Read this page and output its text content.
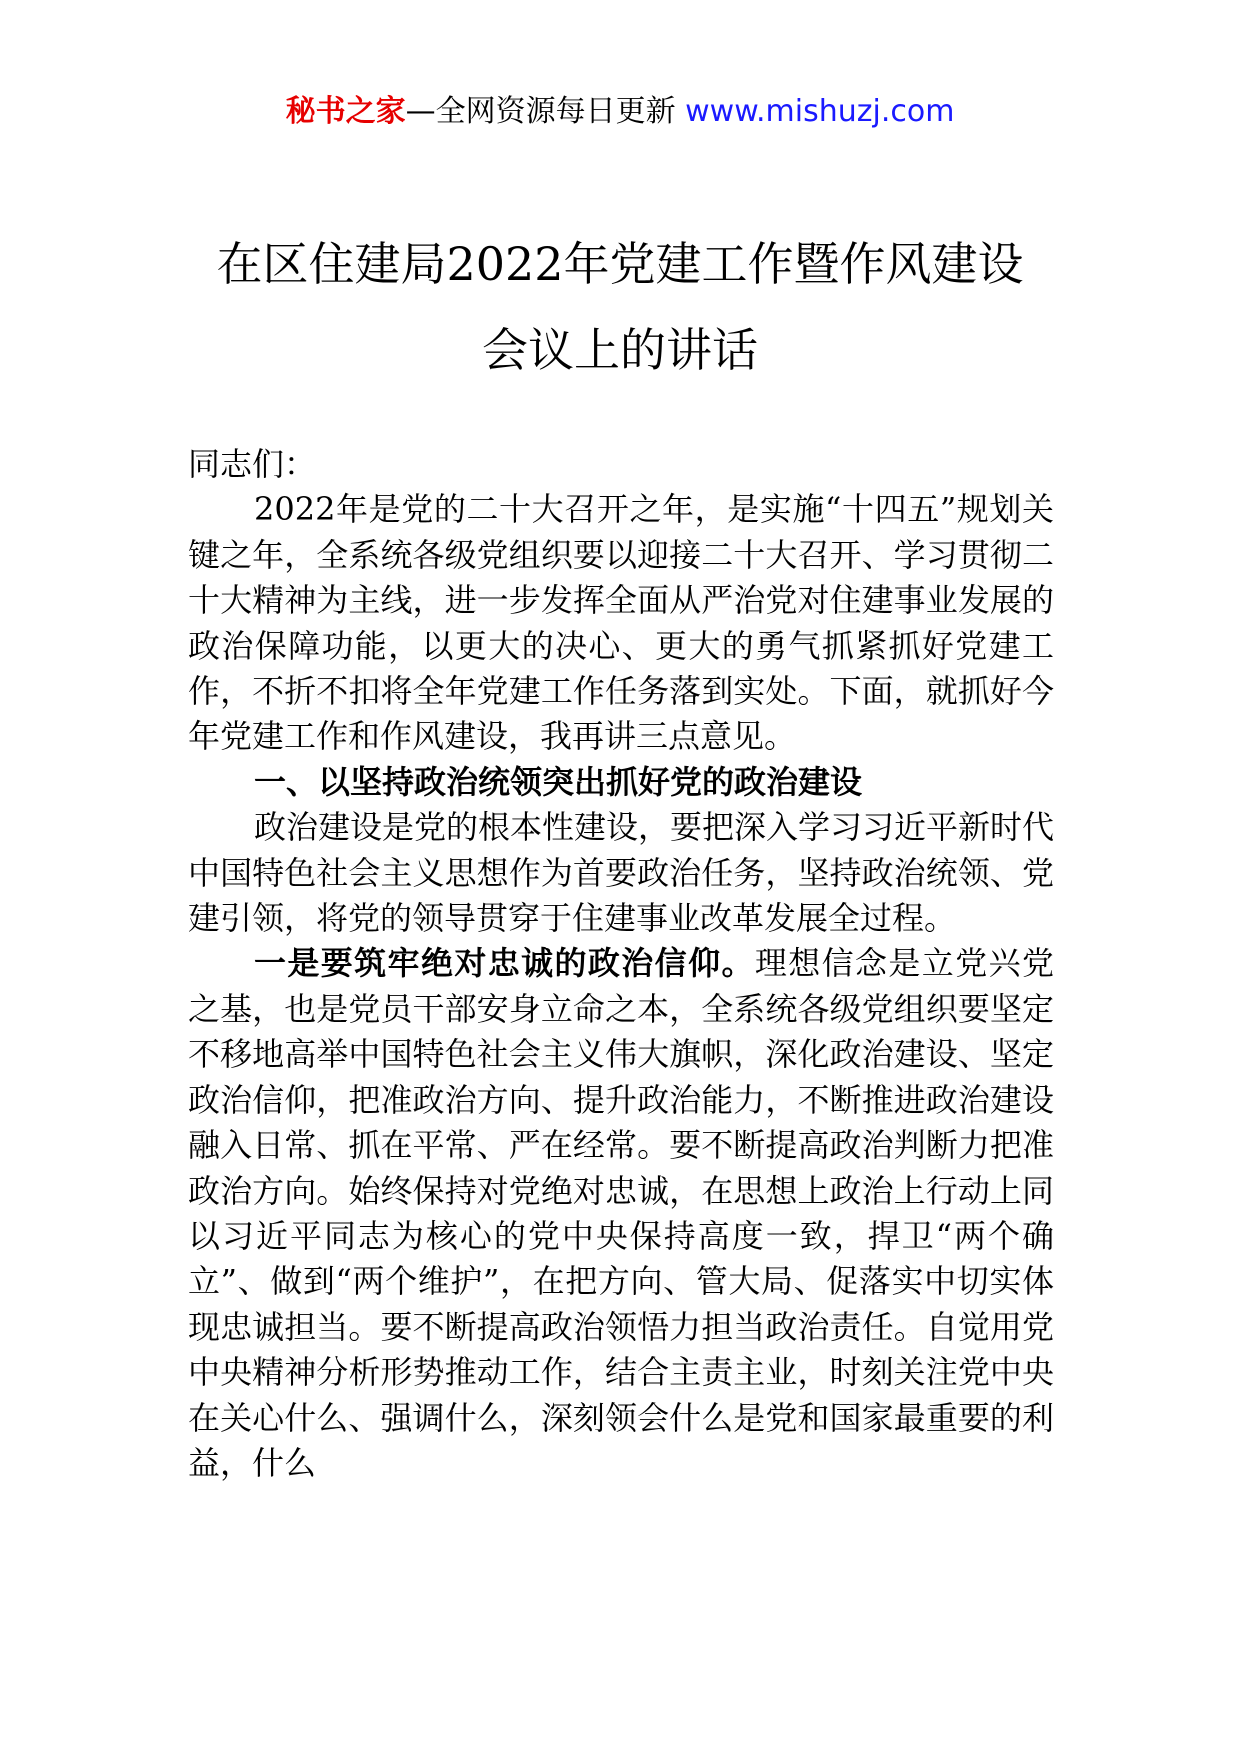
秘书之家—全网资源每日更新 www.mishuzj.com
在区住建局2022年党建工作暨作风建设
会议上的讲话

同志们：

2022年是党的二十大召开之年，是实施“十四五”规划关键之年，全系统各级党组织要以迎接二十大召开、学习贯彻二十大精神为主线，进一步发挥全面从严治党对住建事业发展的政治保障功能，以更大的决心、更大的勇气抓紧抓好党建工作，不折不扣将全年党建工作任务落到实处。下面，就抓好今年党建工作和作风建设，我再讲三点意见。

一、以坚持政治统领突出抓好党的政治建设

政治建设是党的根本性建设，要把深入学习习近平新时代中国特色社会主义思想作为首要政治任务，坚持政治统领、党建引领，将党的领导贯穿于住建事业改革发展全过程。

一是要筑牢绝对忠诚的政治信仰。理想信念是立党兴党之基，也是党员干部安身立命之本，全系统各级党组织要坚定不移地高举中国特色社会主义伟大旗帜，深化政治建设、坚定政治信仰，把准政治方向、提升政治能力，不断推进政治建设融入日常、抓在平常、严在经常。要不断提高政治判断力把准政治方向。始终保持对党绝对忠诚，在思想上政治上行动上同以习近平同志为核心的党中央保持高度一致，捍卫“两个确立”、做到“两个维护”，在把方向、管大局、促落实中切实体现忠诚担当。要不断提高政治领悟力担当政治责任。自觉用党中央精神分析形势推动工作，结合主责主业，时刻关注党中央在关心什么、强调什么，深刻领会什么是党和国家最重要的利益，什么
